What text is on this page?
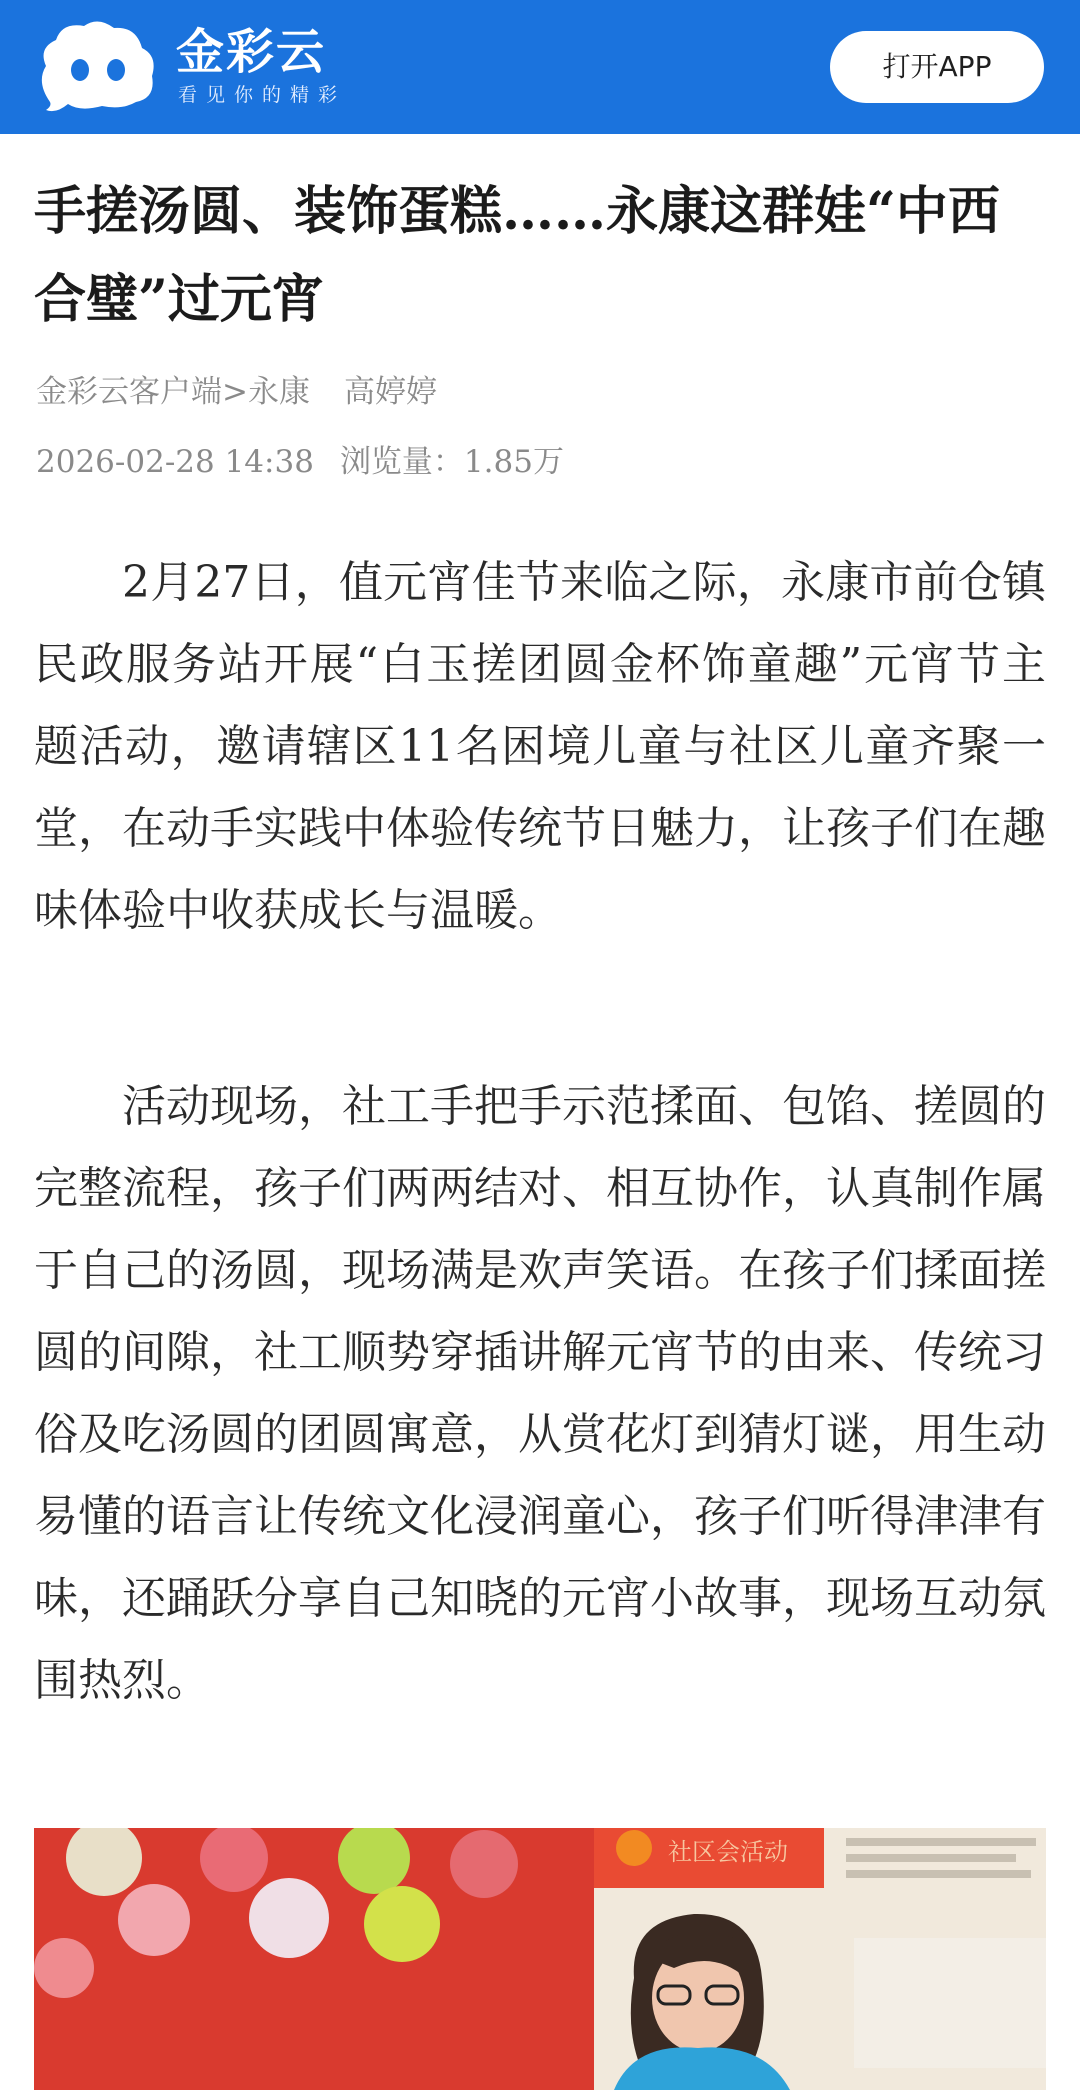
金彩云
看见你的精彩
打开APP
手搓汤圆、装饰蛋糕……永康这群娃“中西合璧”过元宵
金彩云客户端>永康 高婷婷
2026-02-28 14:38 浏览量：1.85万

2月27日，值元宵佳节来临之际，永康市前仓镇民政服务站开展“白玉搓团圆金杯饰童趣”元宵节主题活动，邀请辖区11名困境儿童与社区儿童齐聚一堂，在动手实践中体验传统节日魅力，让孩子们在趣味体验中收获成长与温暖。

活动现场，社工手把手示范揉面、包馅、搓圆的完整流程，孩子们两两结对、相互协作，认真制作属于自己的汤圆，现场满是欢声笑语。在孩子们揉面搓圆的间隙，社工顺势穿插讲解元宵节的由来、传统习俗及吃汤圆的团圆寓意，从赏花灯到猜灯谜，用生动易懂的语言让传统文化浸润童心，孩子们听得津津有味，还踊跃分享自己知晓的元宵小故事，现场互动氛围热烈。

社区会活动
